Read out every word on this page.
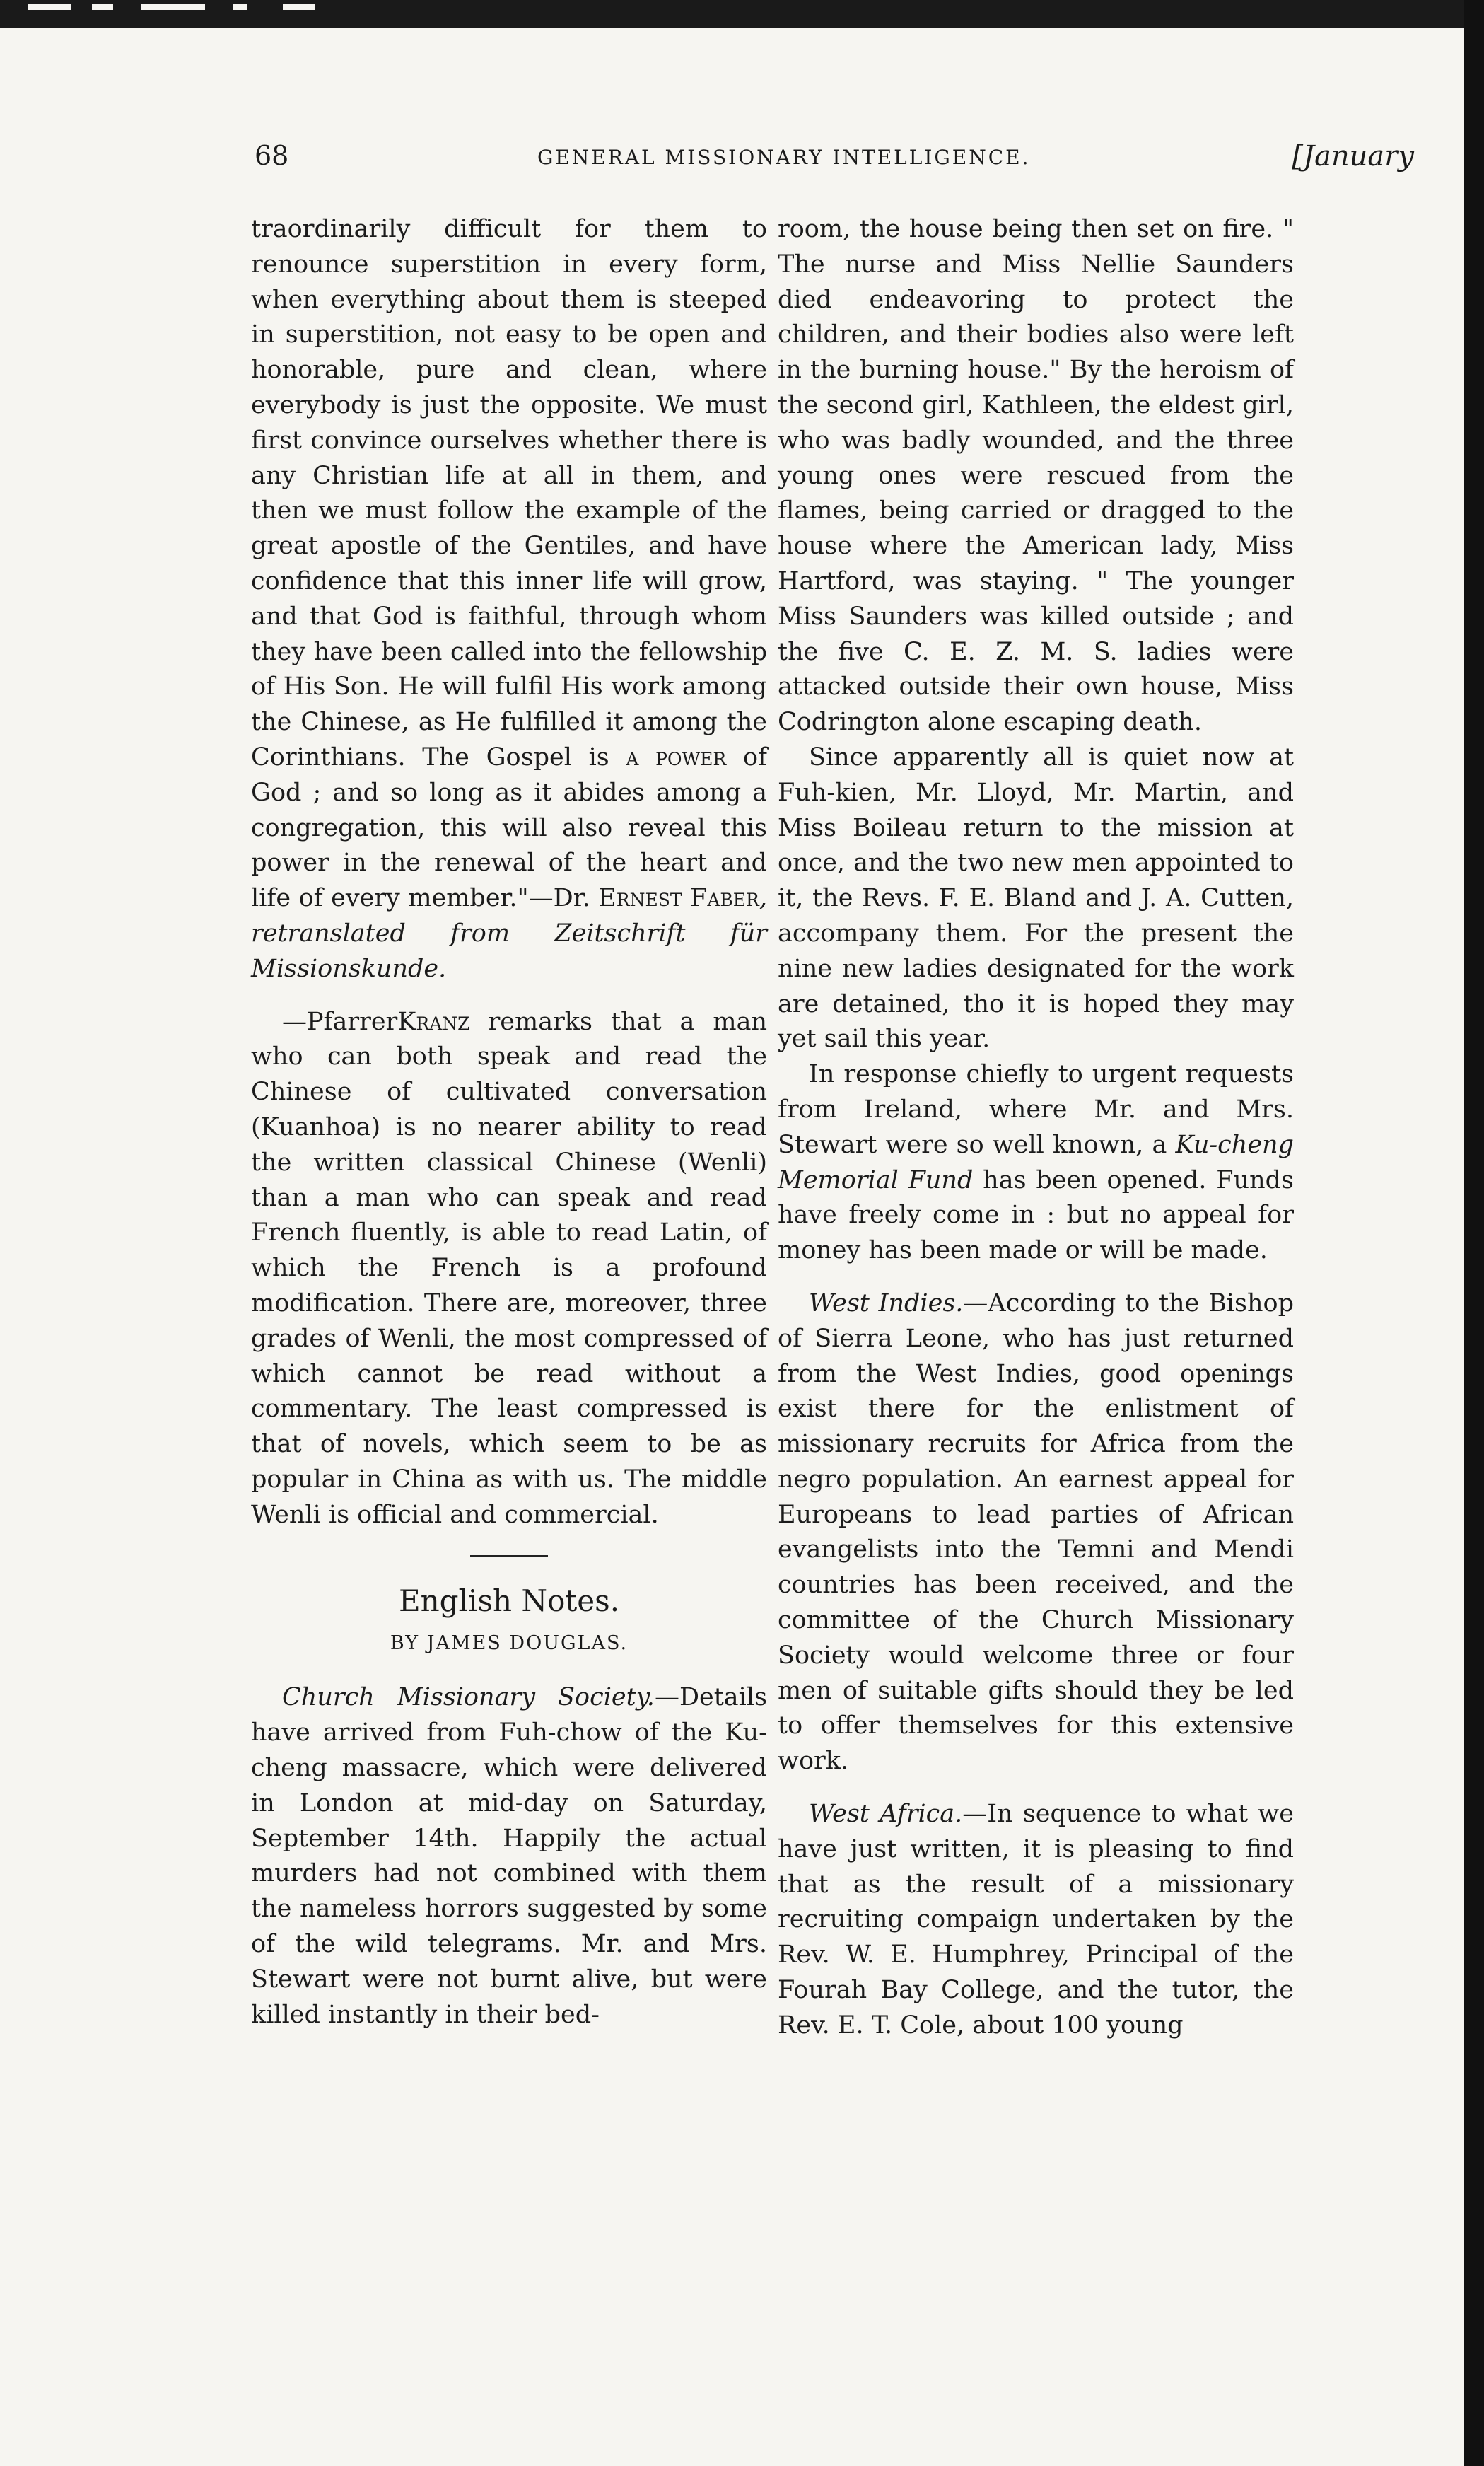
68	GENERAL MISSIONARY INTELLIGENCE.	[January

traordinarily difficult for them to renounce superstition in every form, when everything about them is steeped in superstition, not easy to be open and honorable, pure and clean, where everybody is just the opposite. We must first convince ourselves whether there is any Christian life at all in them, and then we must follow the example of the great apostle of the Gentiles, and have confidence that this inner life will grow, and that God is faithful, through whom they have been called into the fellowship of His Son. He will fulfil His work among the Chinese, as He fulfilled it among the Corinthians. The Gospel is a power of God ; and so long as it abides among a congregation, this will also reveal this power in the renewal of the heart and life of every member."—Dr. Ernest Faber, retranslated from Zeitschrift für Missionskunde.

—PfarrerKranz remarks that a man who can both speak and read the Chinese of cultivated conversation (Kuanhoa) is no nearer ability to read the written classical Chinese (Wenli) than a man who can speak and read French fluently, is able to read Latin, of which the French is a profound modification. There are, moreover, three grades of Wenli, the most compressed of which cannot be read without a commentary. The least compressed is that of novels, which seem to be as popular in China as with us. The middle Wenli is official and commercial.

English Notes.
BY JAMES DOUGLAS.

Church Missionary Society.—Details have arrived from Fuh-chow of the Ku-cheng massacre, which were delivered in London at mid-day on Saturday, September 14th. Happily the actual murders had not combined with them the nameless horrors suggested by some of the wild telegrams. Mr. and Mrs. Stewart were not burnt alive, but were killed instantly in their bed-

room, the house being then set on fire. " The nurse and Miss Nellie Saunders died endeavoring to protect the children, and their bodies also were left in the burning house." By the heroism of the second girl, Kathleen, the eldest girl, who was badly wounded, and the three young ones were rescued from the flames, being carried or dragged to the house where the American lady, Miss Hartford, was staying. " The younger Miss Saunders was killed outside ; and the five C. E. Z. M. S. ladies were attacked outside their own house, Miss Codrington alone escaping death.

Since apparently all is quiet now at Fuh-kien, Mr. Lloyd, Mr. Martin, and Miss Boileau return to the mission at once, and the two new men appointed to it, the Revs. F. E. Bland and J. A. Cutten, accompany them. For the present the nine new ladies designated for the work are detained, tho it is hoped they may yet sail this year.

In response chiefly to urgent requests from Ireland, where Mr. and Mrs. Stewart were so well known, a Ku-cheng Memorial Fund has been opened. Funds have freely come in : but no appeal for money has been made or will be made.

West Indies.—According to the Bishop of Sierra Leone, who has just returned from the West Indies, good openings exist there for the enlistment of missionary recruits for Africa from the negro population. An earnest appeal for Europeans to lead parties of African evangelists into the Temni and Mendi countries has been received, and the committee of the Church Missionary Society would welcome three or four men of suitable gifts should they be led to offer themselves for this extensive work.

West Africa.—In sequence to what we have just written, it is pleasing to find that as the result of a missionary recruiting compaign undertaken by the Rev. W. E. Humphrey, Principal of the Fourah Bay College, and the tutor, the Rev. E. T. Cole, about 100 young
